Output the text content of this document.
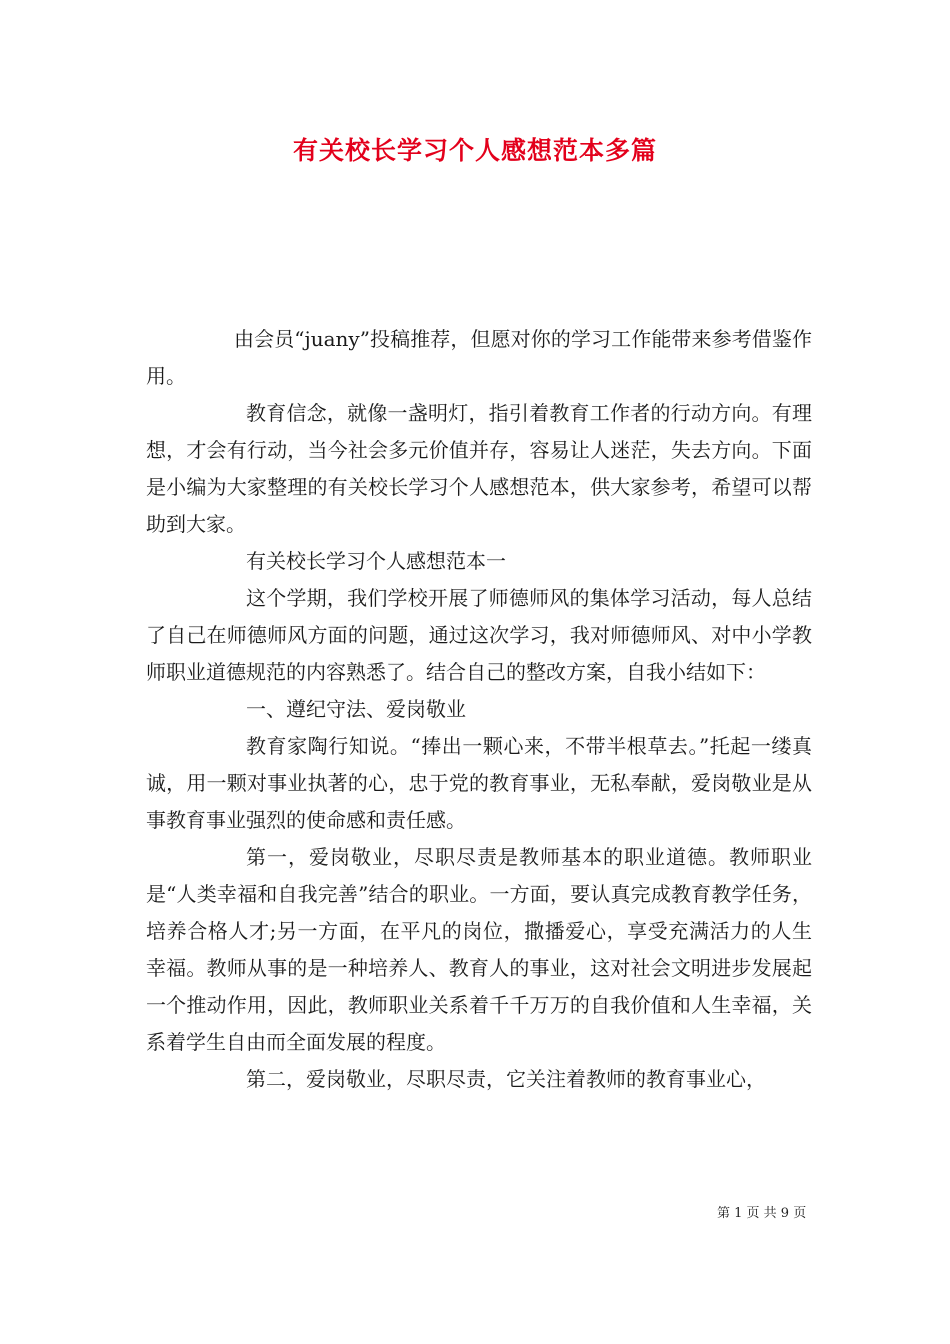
有关校长学习个人感想范本多篇

由会员“juany”投稿推荐，但愿对你的学习工作能带来参考借鉴作用。

教育信念，就像一盏明灯，指引着教育工作者的行动方向。有理想，才会有行动，当今社会多元价值并存，容易让人迷茫，失去方向。下面是小编为大家整理的有关校长学习个人感想范本，供大家参考，希望可以帮助到大家。

有关校长学习个人感想范本一

这个学期，我们学校开展了师德师风的集体学习活动，每人总结了自己在师德师风方面的问题，通过这次学习，我对师德师风、对中小学教师职业道德规范的内容熟悉了。结合自己的整改方案，自我小结如下：

一、遵纪守法、爱岗敬业

教育家陶行知说。“捧出一颗心来，不带半根草去。”托起一缕真诚，用一颗对事业执著的心，忠于党的教育事业，无私奉献，爱岗敬业是从事教育事业强烈的使命感和责任感。

第一，爱岗敬业，尽职尽责是教师基本的职业道德。教师职业是“人类幸福和自我完善”结合的职业。一方面，要认真完成教育教学任务，培养合格人才;另一方面，在平凡的岗位，撒播爱心，享受充满活力的人生幸福。教师从事的是一种培养人、教育人的事业，这对社会文明进步发展起一个推动作用，因此，教师职业关系着千千万万的自我价值和人生幸福，关系着学生自由而全面发展的程度。

第二，爱岗敬业，尽职尽责，它关注着教师的教育事业心，

第 1 页 共 9 页
